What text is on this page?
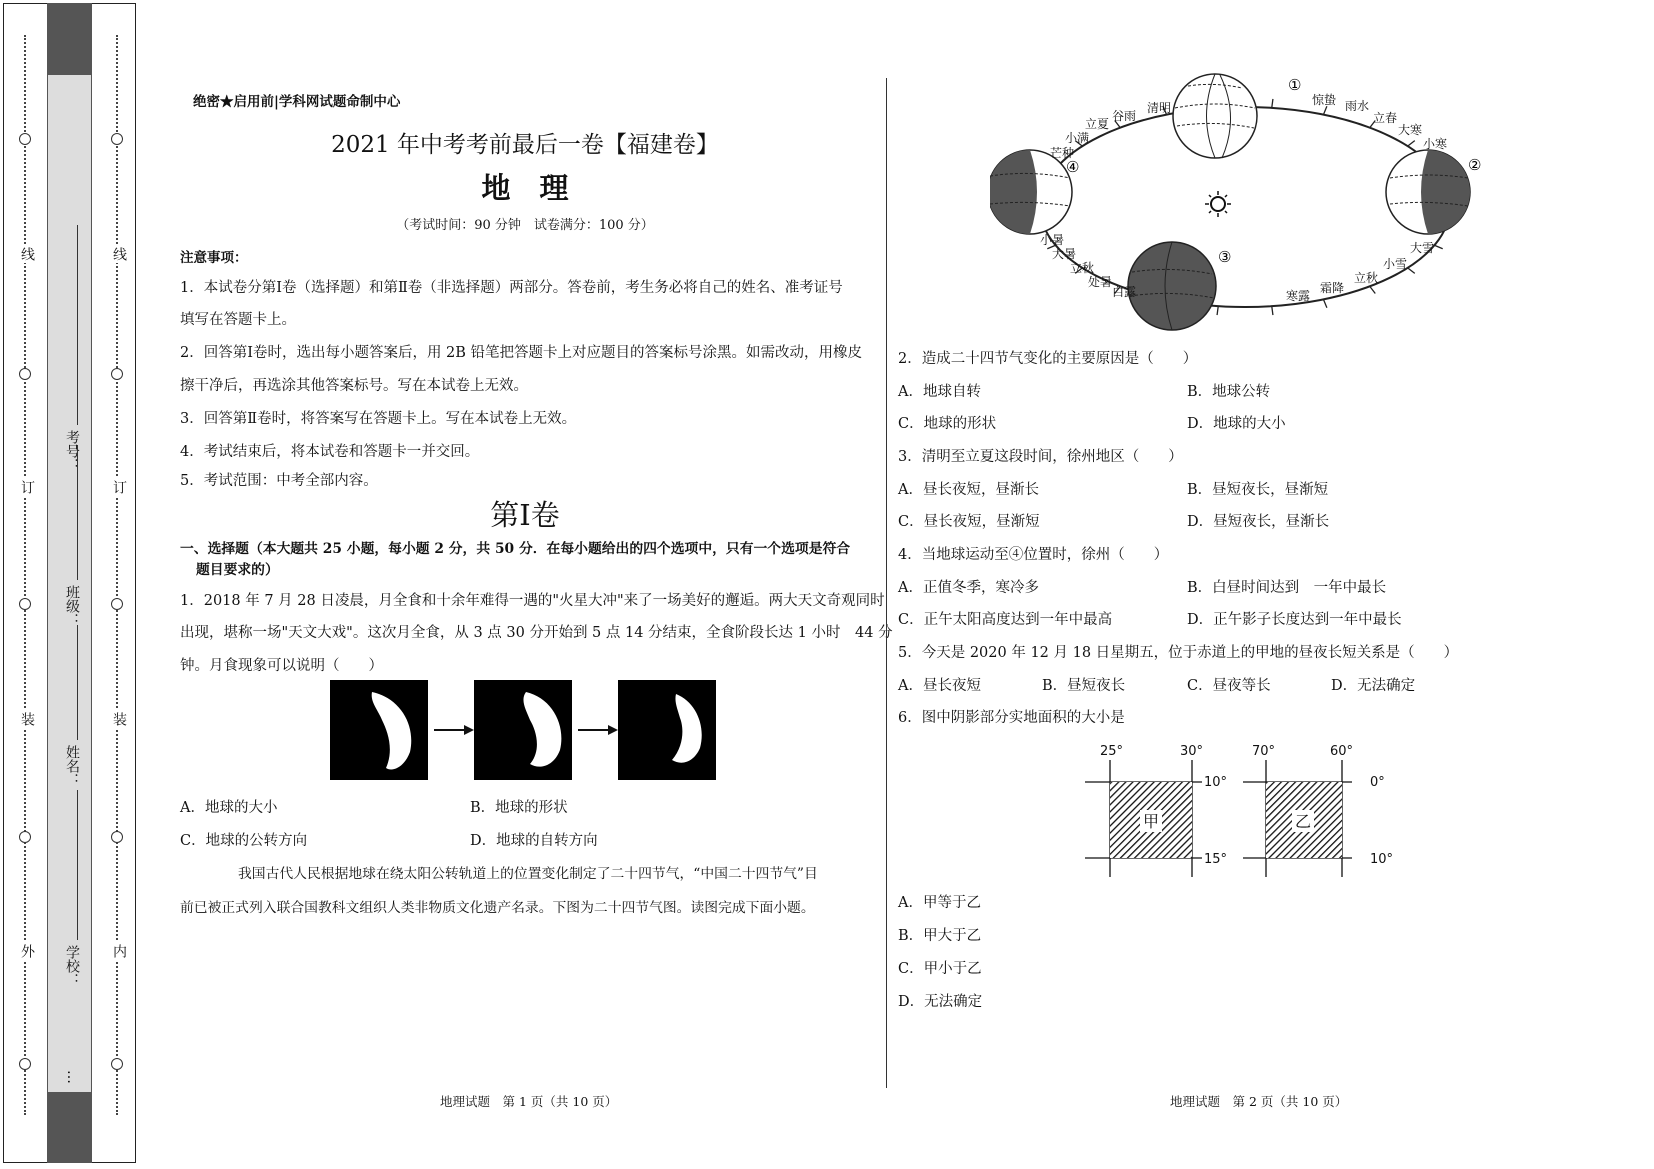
线
订
装
外
线
订
装
内
考号：
班级：
姓名：
学校：
…
绝密★启用前|学科网试题命制中心
2021 年中考考前最后一卷【福建卷】
地　理
（考试时间：90 分钟　试卷满分：100 分）
注意事项：
1．本试卷分第Ⅰ卷（选择题）和第Ⅱ卷（非选择题）两部分。答卷前，考生务必将自己的姓名、准考证号
填写在答题卡上。
2．回答第Ⅰ卷时，选出每小题答案后，用 2B 铅笔把答题卡上对应题目的答案标号涂黑。如需改动，用橡皮
擦干净后，再选涂其他答案标号。写在本试卷上无效。
3．回答第Ⅱ卷时，将答案写在答题卡上。写在本试卷上无效。
4．考试结束后，将本试卷和答题卡一并交回。
5．考试范围：中考全部内容。
第Ⅰ卷
一、选择题（本大题共 25 小题，每小题 2 分，共 50 分．在每小题给出的四个选项中，只有一个选项是符合
题目要求的）
1．2018 年 7 月 28 日凌晨，月全食和十余年难得一遇的"火星大冲"来了一场美好的邂逅。两大天文奇观同时
出现，堪称一场"天文大戏"。这次月全食，从 3 点 30 分开始到 5 点 14 分结束，全食阶段长达 1 小时　44 分
钟。月食现象可以说明（　　）
A．地球的大小	B．地球的形状
C．地球的公转方向	D．地球的自转方向
我国古代人民根据地球在绕太阳公转轨道上的位置变化制定了二十四节气，“中国二十四节气”目
前已被正式列入联合国教科文组织人类非物质文化遗产名录。下图为二十四节气图。读图完成下面小题。
①
②
③
④
清明
谷雨
立夏
小满
芒种
惊蛰 雨水
立春
大寒
小寒
大雪
小雪
立秋
霜降
寒露
白露
处暑
立秋
大暑
小暑
2．造成二十四节气变化的主要原因是（　　）
A．地球自转	B．地球公转
C．地球的形状	D．地球的大小
3．清明至立夏这段时间，徐州地区（　　）
A．昼长夜短，昼渐长	B．昼短夜长，昼渐短
C．昼长夜短，昼渐短	D．昼短夜长，昼渐长
4．当地球运动至④位置时，徐州（　　）
A．正值冬季，寒冷多	B．白昼时间达到　一年中最长
C．正午太阳高度达到一年中最高	D．正午影子长度达到一年中最长
5．今天是 2020 年 12 月 18 日星期五，位于赤道上的甲地的昼夜长短关系是（　　）
A．昼长夜短	B．昼短夜长	C．昼夜等长	D．无法确定
6．图中阴影部分实地面积的大小是
25°	30°
甲
10°
15°
70°	60°
乙
0°
10°
A．甲等于乙
B．甲大于乙
C．甲小于乙
D．无法确定
地理试题　第 1 页（共 10 页）	地理试题　第 2 页（共 10 页）
